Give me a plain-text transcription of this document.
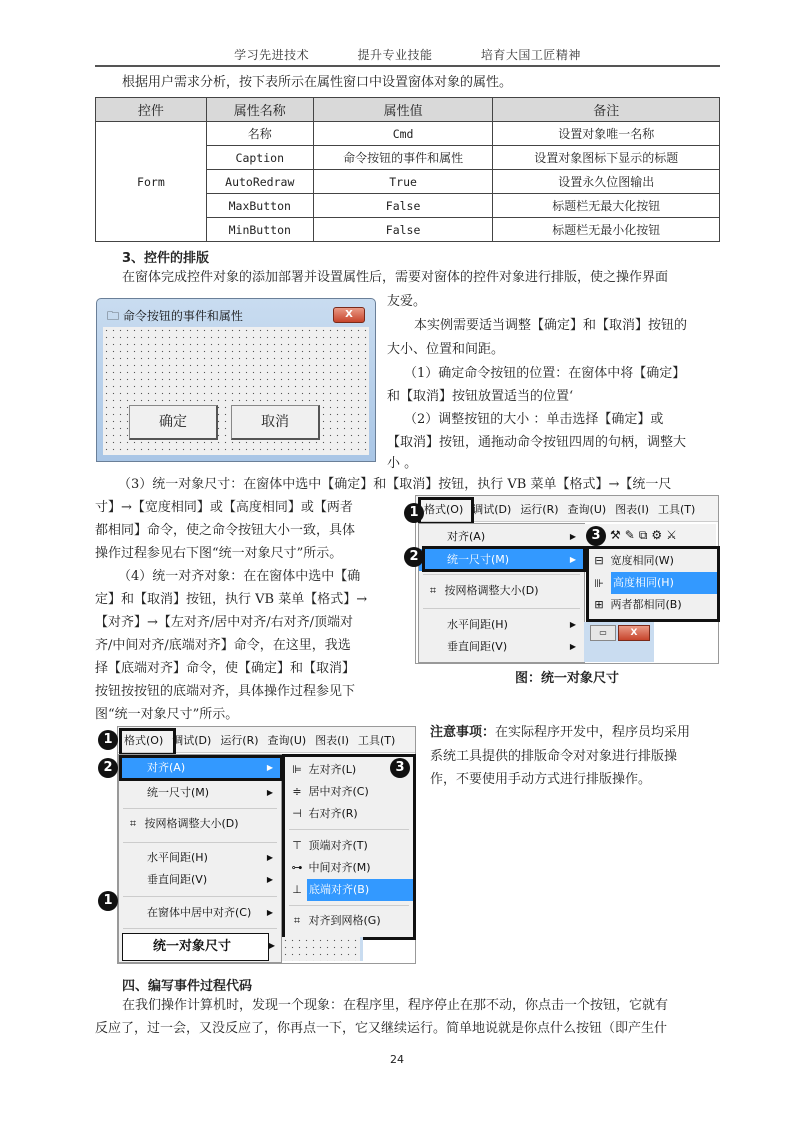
学习先进技术	提升专业技能	培育大国工匠精神
根据用户需求分析，按下表所示在属性窗口中设置窗体对象的属性。
控件	属性名称	属性值	备注
Form	名称	Cmd	设置对象唯一名称
	Caption	命令按钮的事件和属性	设置对象图标下显示的标题
	AutoRedraw	True	设置永久位图输出
	MaxButton	False	标题栏无最大化按钮
	MinButton	False	标题栏无最小化按钮
3、控件的排版
在窗体完成控件对象的添加部署并设置属性后，需要对窗体的控件对象进行排版，使之操作界面
🗀 命令按钮的事件和属性	X
确定	取消
友爱。
本实例需要适当调整【确定】和【取消】按钮的
大小、位置和间距。
（1）确定命令按钮的位置：在窗体中将【确定】
和【取消】按钮放置适当的位置‘
（2）调整按钮的大小 ：单击选择【确定】或
【取消】按钮，通拖动命令按钮四周的句柄，调整大
小 。
（3）统一对象尺寸：在窗体中选中【确定】和【取消】按钮，执行 VB 菜单【格式】→【统一尺
寸】→【宽度相同】或【高度相同】或【两者
都相同】命令，使之命令按钮大小一致，具体
操作过程参见右下图“统一对象尺寸”所示。
（4）统一对齐对象：在在窗体中选中【确
定】和【取消】按钮，执行 VB 菜单【格式】→
【对齐】→【左对齐/居中对齐/右对齐/顶端对
齐/中间对齐/底端对齐】命令，在这里，我选
择【底端对齐】命令，使【确定】和【取消】
按钮按按钮的底端对齐，具体操作过程参见下
图“统一对象尺寸”所示。
格式(O) 调试(D) 运行(R) 查询(U) 图表(I) 工具(T)
对齐(A)	▶
统一尺寸(M)	▶
⌗ 按网格调整大小(D)
水平间距(H)	▶
垂直间距(V)	▶
⚒✎⧉⚙⚔
⊟ 宽度相同(W)
高度相同(H)
⊪
⊞ 两者都相同(B)
▭	X
1
2
3
图：统一对象尺寸
格式(O) 调试(D) 运行(R) 查询(U) 图表(I) 工具(T)
对齐(A)	▶
统一尺寸(M)	▶
⌗ 按网格调整大小(D)
水平间距(H)	▶
垂直间距(V)	▶
在窗体中居中对齐(C) ▶
统一对象尺寸	▶
⊫ 左对齐(L)
≑ 居中对齐(C)
⊣ 右对齐(R)
⊤ 顶端对齐(T)
⊶ 中间对齐(M)
底端对齐(B)
⊥
⌗ 对齐到网格(G)
1
2	3
1
注意事项：在实际程序开发中，程序员均采用
系统工具提供的排版命令对对象进行排版操
作，不要使用手动方式进行排版操作。
四、编写事件过程代码
在我们操作计算机时，发现一个现象：在程序里，程序停止在那不动，你点击一个按钮，它就有
反应了，过一会，又没反应了，你再点一下，它又继续运行。简单地说就是你点什么按钮（即产生什
24
